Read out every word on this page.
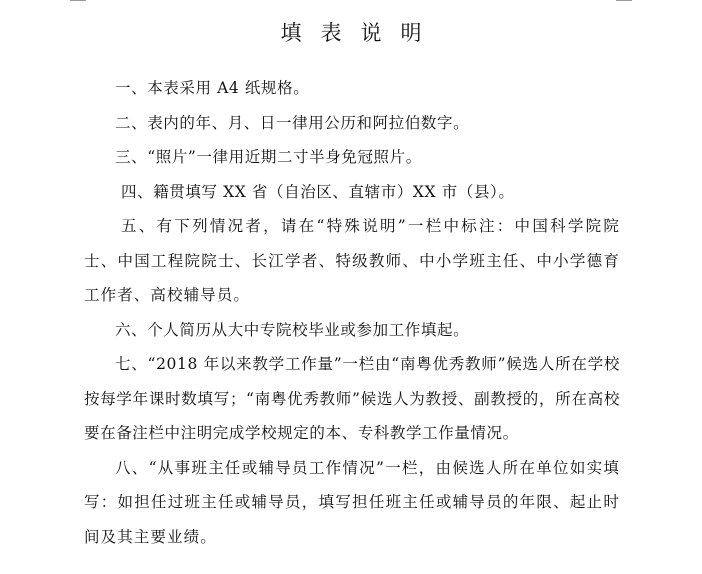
填表说明

一、本表采用 A4 纸规格。

二、表内的年、月、日一律用公历和阿拉伯数字。

三、“照片”一律用近期二寸半身免冠照片。

四、籍贯填写 XX 省（自治区、直辖市）XX 市（县）。

五、有下列情况者，请在“特殊说明”一栏中标注：中国科学院院士、中国工程院院士、长江学者、特级教师、中小学班主任、中小学德育工作者、高校辅导员。

六、个人简历从大中专院校毕业或参加工作填起。

七、“2018 年以来教学工作量”一栏由“南粤优秀教师”候选人所在学校按每学年课时数填写；“南粤优秀教师”候选人为教授、副教授的，所在高校要在备注栏中注明完成学校规定的本、专科教学工作量情况。

八、“从事班主任或辅导员工作情况”一栏，由候选人所在单位如实填写：如担任过班主任或辅导员，填写担任班主任或辅导员的年限、起止时间及其主要业绩。
